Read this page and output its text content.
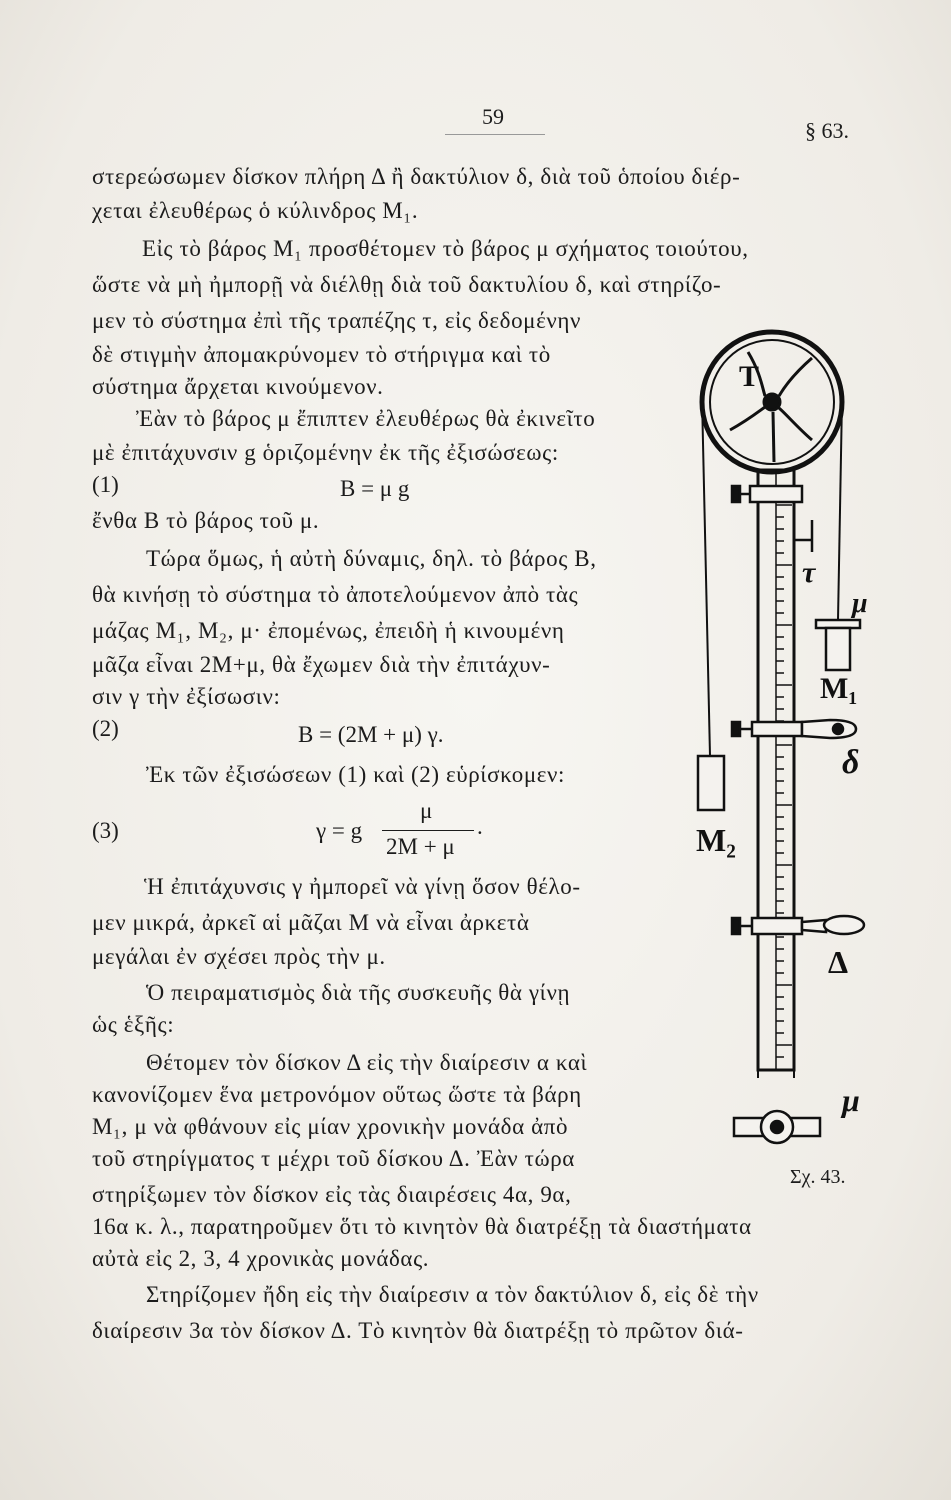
59
§ 63.
στερεώσωμεν δίσκον πλήρη Δ ἢ δακτύλιον δ, διὰ τοῦ ὁποίου διέρ-
χεται ἐλευθέρως ὁ κύλινδρος Μ₁.
Εἰς τὸ βάρος Μ₁ προσθέτομεν τὸ βάρος μ σχήματος τοιούτου,
ὥστε νὰ μὴ ἠμπορῇ νὰ διέλθῃ διὰ τοῦ δακτυλίου δ, καὶ στηρίζο-
μεν τὸ σύστημα ἐπὶ τῆς τραπέζης τ, εἰς δεδομένην
δὲ στιγμὴν ἀπομακρύνομεν τὸ στήριγμα καὶ τὸ
σύστημα ἄρχεται κινούμενον.
Ἐὰν τὸ βάρος μ ἔπιπτεν ἐλευθέρως θὰ ἐκινεῖτο
μὲ ἐπιτάχυνσιν g ὁριζομένην ἐκ τῆς ἐξισώσεως:
(1)	Β = μ g
ἔνθα Β τὸ βάρος τοῦ μ.
Τώρα ὅμως, ἡ αὐτὴ δύναμις, δηλ. τὸ βάρος Β,
θὰ κινήσῃ τὸ σύστημα τὸ ἀποτελούμενον ἀπὸ τὰς
μάζας Μ₁, Μ₂, μ· ἐπομένως, ἐπειδὴ ἡ κινουμένη
μᾶζα εἶναι 2Μ+μ, θὰ ἔχωμεν διὰ τὴν ἐπιτάχυν-
σιν γ τὴν ἐξίσωσιν:
(2)	Β = (2Μ + μ) γ.
Ἐκ τῶν ἐξισώσεων (1) καὶ (2) εὑρίσκομεν:
(3)	γ = g
μ
2Μ + μ
.
Ἡ ἐπιτάχυνσις γ ἠμπορεῖ νὰ γίνῃ ὅσον θέλο-
μεν μικρά, ἀρκεῖ αἱ μᾶζαι Μ νὰ εἶναι ἀρκετὰ
μεγάλαι ἐν σχέσει πρὸς τὴν μ.
Ὁ πειραματισμὸς διὰ τῆς συσκευῆς θὰ γίνῃ
ὡς ἑξῆς:
Θέτομεν τὸν δίσκον Δ εἰς τὴν διαίρεσιν α καὶ
κανονίζομεν ἕνα μετρονόμον οὕτως ὥστε τὰ βάρη
Μ₁, μ νὰ φθάνουν εἰς μίαν χρονικὴν μονάδα ἀπὸ
τοῦ στηρίγματος τ μέχρι τοῦ δίσκου Δ. Ἐὰν τώρα
στηρίξωμεν τὸν δίσκον εἰς τὰς διαιρέσεις 4α, 9α,
16α κ. λ., παρατηροῦμεν ὅτι τὸ κινητὸν θὰ διατρέξῃ τὰ διαστήματα
αὐτὰ εἰς 2, 3, 4 χρονικὰς μονάδας.
Στηρίζομεν ἤδη εἰς τὴν διαίρεσιν α τὸν δακτύλιον δ, εἰς δὲ τὴν
διαίρεσιν 3α τὸν δίσκον Δ. Τὸ κινητὸν θὰ διατρέξῃ τὸ πρῶτον διά-
T
τ
μ
M₁
δ
M₂
Δ
μ
Σχ. 43.
